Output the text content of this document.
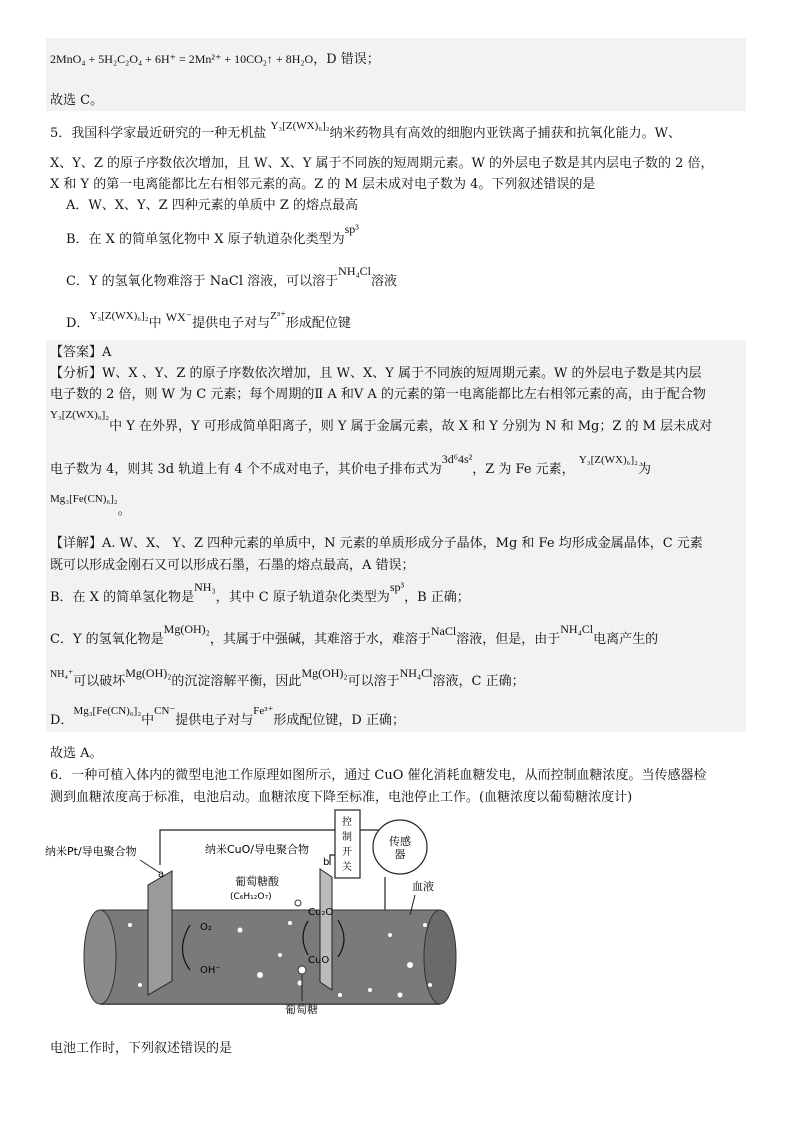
2MnO₄ + 5H₂C₂O₄ + 6H⁺ = 2Mn²⁺ + 10CO₂↑ + 8H₂O，D 错误；
故选 C。
5．我国科学家最近研究的一种无机盐 $^{Y_3[Z(WX)_6]_2}$纳米药物具有高效的细胞内亚铁离子捕获和抗氧化能力。W、
X、Y、Z 的原子序数依次增加，且 W、X、Y 属于不同族的短周期元素。W 的外层电子数是其内层电子数的 2 倍，
X 和 Y 的第一电离能都比左右相邻元素的高。Z 的 M 层未成对电子数为 4。下列叙述错误的是
A．W、X、Y、Z 四种元素的单质中 Z 的熔点最高
B．在 X 的简单氢化物中 X 原子轨道杂化类型为sp³
C．Y 的氢氧化物难溶于 NaCl 溶液，可以溶于NH₄Cl溶液
D．$^{Y_3[Z(WX)_6]_2}$中 WX⁻提供电子对与$^{Z^{3+}}$形成配位键
【答案】A
【分析】W、X 、Y、Z 的原子序数依次增加，且 W、X、Y 属于不同族的短周期元素。W 的外层电子数是其内层
电子数的 2 倍，则 W 为 C 元素；每个周期的Ⅱ A 和Ⅴ A 的元素的第一电离能都比左右相邻元素的高，由于配合物
$^{Y_3[Z(WX)_6]_2}$中 Y 在外界，Y 可形成简单阳离子，则 Y 属于金属元素，故 X 和 Y 分别为 N 和 Mg；Z 的 M 层未成对
电子数为 4，则其 3d 轨道上有 4 个不成对电子，其价电子排布式为3d⁶4s²，Z 为 Fe 元素， $^{Y_3[Z(WX)_6]_2}$为
Mg₃[Fe(CN)₆]₂。
【详解】A. W、X、 Y、Z 四种元素的单质中，N 元素的单质形成分子晶体，Mg 和 Fe 均形成金属晶体，C 元素
既可以形成金刚石又可以形成石墨，石墨的熔点最高，A 错误；
B．在 X 的简单氢化物是NH₃，其中 C 原子轨道杂化类型为sp³，B 正确；
C．Y 的氢氧化物是Mg(OH)₂，其属于中强碱，其难溶于水，难溶于NaCl溶液，但是，由于NH₄Cl电离产生的
$^{NH_4^+}$可以破坏Mg(OH)₂的沉淀溶解平衡，因此Mg(OH)₂可以溶于NH₄Cl溶液，C 正确；
D．$^{Mg_3[Fe(CN)_6]_2}$中$^{CN^-}$提供电子对与$^{Fe^{3+}}$形成配位键，D 正确；
故选 A。
6．一种可植入体内的微型电池工作原理如图所示，通过 CuO 催化消耗血糖发电，从而控制血糖浓度。当传感器检
测到血糖浓度高于标准，电池启动。血糖浓度下降至标准，电池停止工作。(血糖浓度以葡萄糖浓度计)
控
制
开
关
传感
器
纳米Pt/导电聚合物
a
纳米CuO/导电聚合物
b
葡萄糖酸
(C₆H₁₂O₇)
O₂
OH⁻
Cu₂O
CuO
血液
葡萄糖
电池工作时，下列叙述错误的是
